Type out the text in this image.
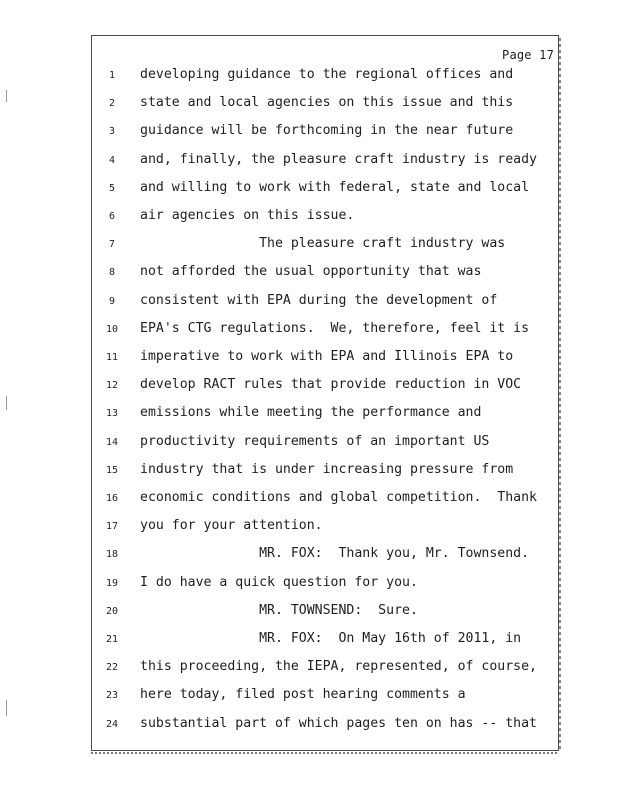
Page 17
1	developing guidance to the regional offices and
2	state and local agencies on this issue and this
3	guidance will be forthcoming in the near future
4	and, finally, the pleasure craft industry is ready
5	and willing to work with federal, state and local
6	air agencies on this issue.
7	The pleasure craft industry was
8	not afforded the usual opportunity that was
9	consistent with EPA during the development of
10	EPA's CTG regulations.  We, therefore, feel it is
11	imperative to work with EPA and Illinois EPA to
12	develop RACT rules that provide reduction in VOC
13	emissions while meeting the performance and
14	productivity requirements of an important US
15	industry that is under increasing pressure from
16	economic conditions and global competition.  Thank
17	you for your attention.
18	MR. FOX:  Thank you, Mr. Townsend.
19	I do have a quick question for you.
20	MR. TOWNSEND:  Sure.
21	MR. FOX:  On May 16th of 2011, in
22	this proceeding, the IEPA, represented, of course,
23	here today, filed post hearing comments a
24	substantial part of which pages ten on has -- that
